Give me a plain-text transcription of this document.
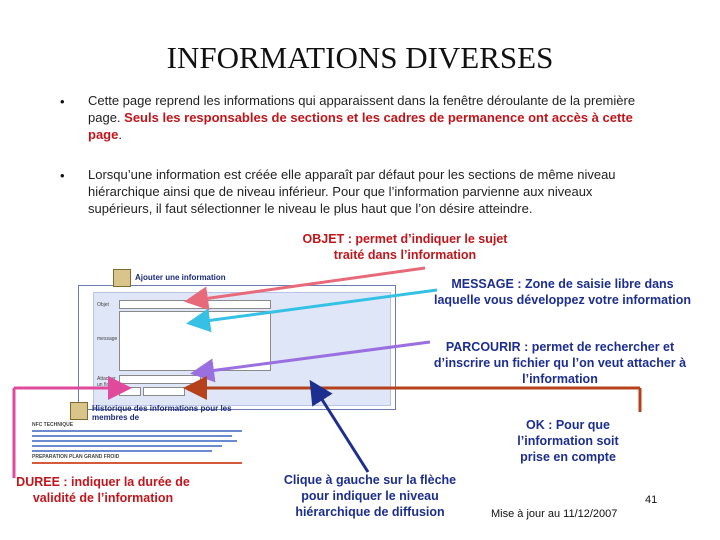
INFORMATIONS DIVERSES
• Cette page reprend les informations qui apparaissent dans la fenêtre déroulante de la première page. Seuls les responsables de sections et les cadres de permanence ont accès à cette page.
• Lorsqu’une information est créée elle apparaît par défaut pour les sections de même niveau hiérarchique ainsi que de niveau inférieur. Pour que l’information parvienne aux niveaux supérieurs, il faut sélectionner le niveau le plus haut que l’on désire atteindre.
Ajouter une information
Objet
message
Attacher un fichier
OK
Historique des informations pour les membres de
NFC TECHNIQUE
PREPARATION PLAN GRAND FROID
OBJET : permet d’indiquer le sujet traité dans l’information
MESSAGE : Zone de saisie libre dans laquelle vous développez votre information
PARCOURIR : permet de rechercher et d’inscrire un fichier qu l’on veut attacher à l’information
OK : Pour que l’information soit prise en compte
DUREE : indiquer la durée de validité de l’information
Clique à gauche sur la flèche pour indiquer le niveau hiérarchique de diffusion	Mise à jour au 11/12/2007
41
